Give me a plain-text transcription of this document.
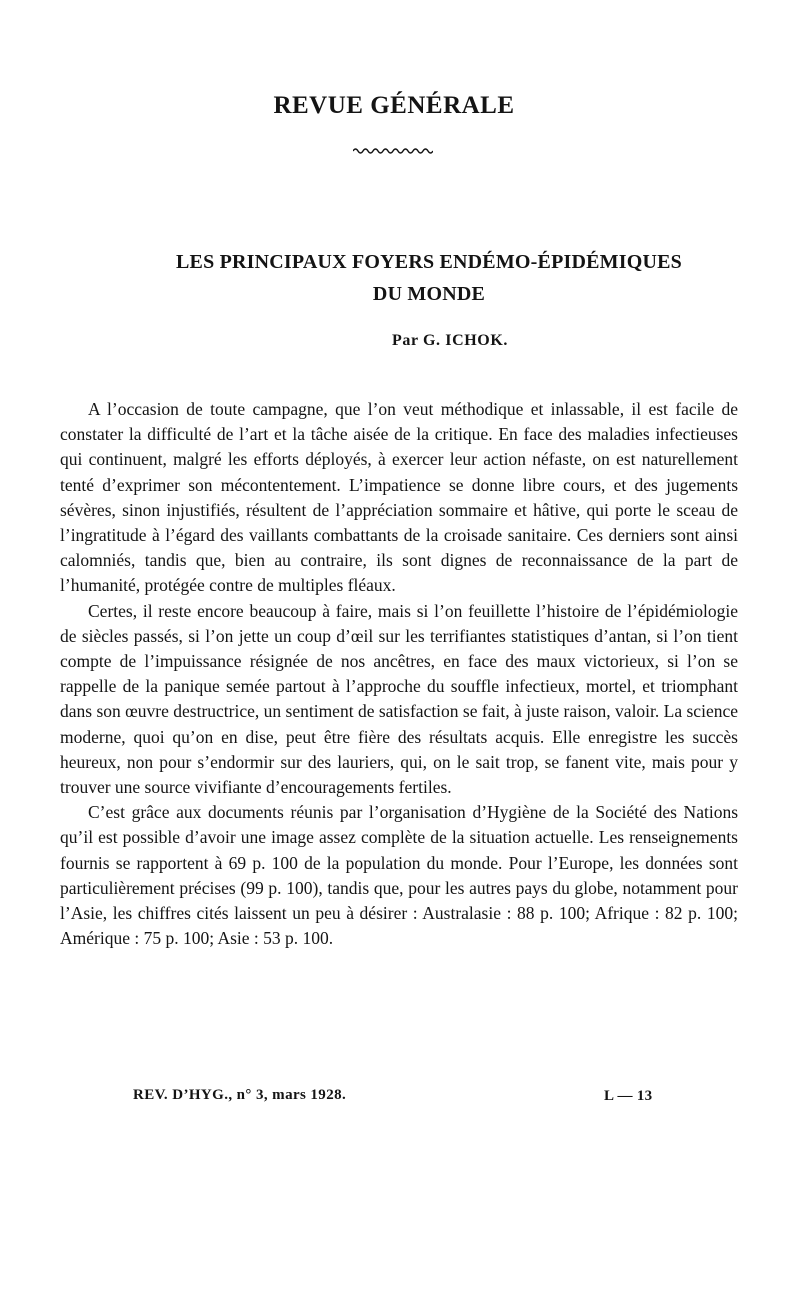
REVUE GÉNÉRALE
LES PRINCIPAUX FOYERS ENDÉMO-ÉPIDÉMIQUES
DU MONDE
Par G. ICHOK.

A l’occasion de toute campagne, que l’on veut méthodique et inlassable, il est facile de constater la difficulté de l’art et la tâche aisée de la critique. En face des maladies infectieuses qui continuent, malgré les efforts déployés, à exercer leur action néfaste, on est naturellement tenté d’exprimer son mécontentement. L’impatience se donne libre cours, et des jugements sévères, sinon injustifiés, résultent de l’appréciation sommaire et hâtive, qui porte le sceau de l’ingratitude à l’égard des vaillants combattants de la croisade sanitaire. Ces derniers sont ainsi calomniés, tandis que, bien au contraire, ils sont dignes de reconnaissance de la part de l’humanité, protégée contre de multiples fléaux.

Certes, il reste encore beaucoup à faire, mais si l’on feuillette l’histoire de l’épidémiologie de siècles passés, si l’on jette un coup d’œil sur les terrifiantes statistiques d’antan, si l’on tient compte de l’impuissance résignée de nos ancêtres, en face des maux victorieux, si l’on se rappelle de la panique semée partout à l’approche du souffle infectieux, mortel, et triomphant dans son œuvre destructrice, un sentiment de satisfaction se fait, à juste raison, valoir. La science moderne, quoi qu’on en dise, peut être fière des résultats acquis. Elle enregistre les succès heureux, non pour s’endormir sur des lauriers, qui, on le sait trop, se fanent vite, mais pour y trouver une source vivifiante d’encouragements fertiles.

C’est grâce aux documents réunis par l’organisation d’Hygiène de la Société des Nations qu’il est possible d’avoir une image assez complète de la situation actuelle. Les renseignements fournis se rapportent à 69 p. 100 de la population du monde. Pour l’Europe, les données sont particulièrement précises (99 p. 100), tandis que, pour les autres pays du globe, notamment pour l’Asie, les chiffres cités laissent un peu à désirer : Australasie : 88 p. 100; Afrique : 82 p. 100; Amérique : 75 p. 100; Asie : 53 p. 100.

REV. D’HYG., n° 3, mars 1928.	L — 13
